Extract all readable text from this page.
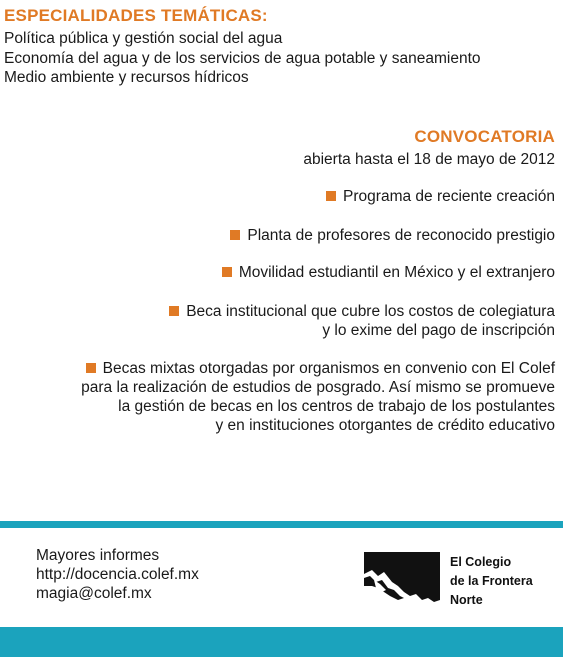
ESPECIALIDADES TEMÁTICAS:
Política pública y gestión social del agua
Economía del agua y de los servicios de agua potable y saneamiento
Medio ambiente y recursos hídricos
CONVOCATORIA
abierta hasta el 18 de mayo de 2012
Programa de reciente creación
Planta de profesores de reconocido prestigio
Movilidad estudiantil en México y el extranjero
Beca institucional que cubre los costos de colegiatura
y lo exime del pago de inscripción
Becas mixtas otorgadas por organismos en convenio con El Colef
para la realización de estudios de posgrado. Así mismo se promueve
la gestión de becas en los centros de trabajo de los postulantes
y en instituciones otorgantes de crédito educativo
Mayores informes
http://docencia.colef.mx
magia@colef.mx
El Colegio
de la Frontera
Norte
